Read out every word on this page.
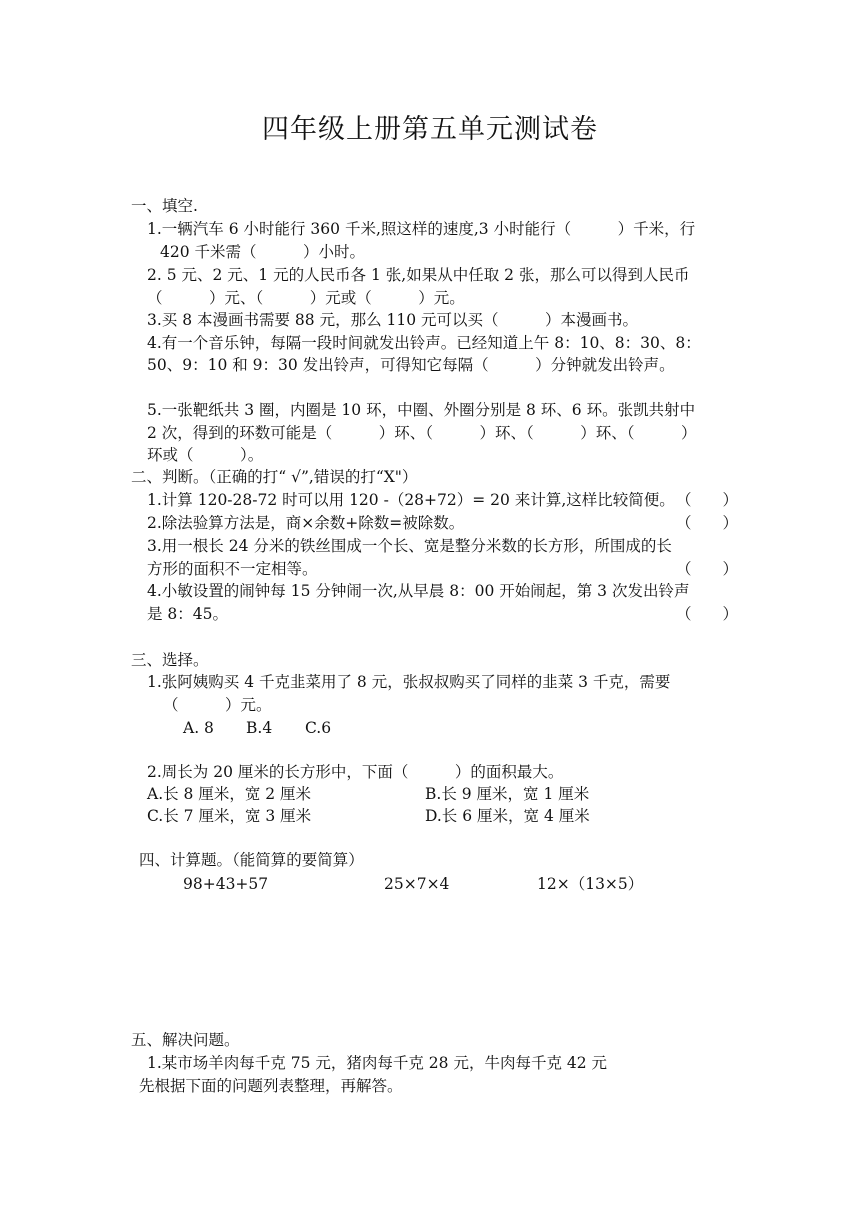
四年级上册第五单元测试卷
一、填空.
1.一辆汽车 6 小时能行 360 千米,照这样的速度,3 小时能行（　　　）千米，行
420 千米需（　　　）小时。
2. 5 元、2 元、1 元的人民币各 1 张,如果从中任取 2 张，那么可以得到人民币
（　　　）元、（　　　）元或（　　　）元。
3.买 8 本漫画书需要 88 元，那么 110 元可以买（　　　）本漫画书。
4.有一个音乐钟，每隔一段时间就发出铃声。已经知道上午 8：10、8：30、8：
50、9：10 和 9：30 发出铃声，可得知它每隔（　　　）分钟就发出铃声。
5.一张靶纸共 3 圈，内圈是 10 环，中圈、外圈分别是 8 环、6 环。张凯共射中
2 次，得到的环数可能是（　　　）环、（　　　）环、（　　　）环、（　　　）
环或（　　　）。
二、判断。（正确的打“ √”,错误的打“X"）
1.计算 120-28-72 时可以用 120 -（28+72）= 20 来计算,这样比较简便。 （　　）
2.除法验算方法是，商×余数+除数=被除数。	（　　）
3.用一根长 24 分米的铁丝围成一个长、宽是整分米数的长方形，所围成的长
方形的面积不一定相等。	（　　）
4.小敏设置的闹钟每 15 分钟闹一次,从早晨 8：00 开始闹起，第 3 次发出铃声
是 8：45。	（　　）
三、选择。
1.张阿姨购买 4 千克韭菜用了 8 元，张叔叔购买了同样的韭菜 3 千克，需要
（　　　）元。
A. 8 B.4 C.6
2.周长为 20 厘米的长方形中，下面（　　　）的面积最大。
A.长 8 厘米，宽 2 厘米	B.长 9 厘米，宽 1 厘米
C.长 7 厘米，宽 3 厘米	D.长 6 厘米，宽 4 厘米
四、计算题。（能简算的要简算）
98+43+57	25×7×4	12×（13×5）
五、解决问题。
1.某市场羊肉每千克 75 元，猪肉每千克 28 元，牛肉每千克 42 元
先根据下面的问题列表整理，再解答。
